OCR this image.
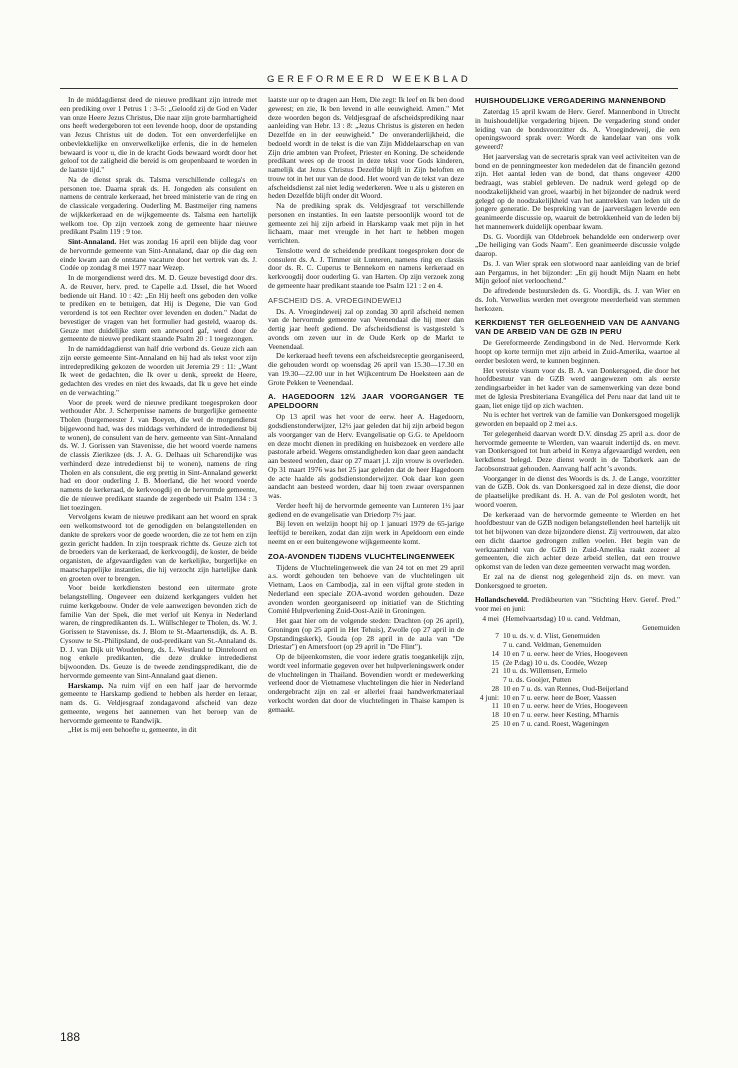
GEREFORMEERD WEEKBLAD

In de middagdienst deed de nieuwe predikant zijn intrede met een prediking over 1 Petrus 1 : 3–5: „Geloofd zij de God en Vader van onze Heere Jezus Christus, Die naar zijn grote barmhartigheid ons heeft wedergeboren tot een levende hoop, door de opstanding van Jezus Christus uit de doden. Tot een onverderfelijke en onbevlekkelijke en onverwelkelijke erfenis, die in de hemelen bewaard is voor u, die in de kracht Gods bewaard wordt door het geloof tot de zaligheid die bereid is om geopenbaard te worden in de laatste tijd."

Na de dienst sprak ds. Talsma verschillende collega's en personen toe. Daarna sprak ds. H. Jongeden als consulent en namens de centrale kerkeraad, het breed ministerie van de ring en de classicale vergadering. Ouderling M. Bastmeijer ring namens de wijkkerkeraad en de wijkgemeente ds. Talsma een hartelijk welkom toe. Op zijn verzoek zong de gemeente haar nieuwe predikant Psalm 119 : 9 toe.

Sint-Annaland. Het was zondag 16 april een blijde dag voor de hervormde gemeente van Sint-Annaland, daar op die dag een einde kwam aan de ontstane vacature door het vertrek van ds. J. Codée op zondag 8 mei 1977 naar Wezep.

In de morgendienst werd drs. M. D. Geuze bevestigd door drs. A. de Reuver, herv. pred. te Capelle a.d. IJssel, die het Woord bediende uit Hand. 10 : 42: „En Hij heeft ons geboden den volke te prediken en te betuigen, dat Hij is Degene, Die van God verordend is tot een Rechter over levenden en doden." Nadat de bevestiger de vragen van het formulier had gesteld, waarop ds. Geuze met duidelijke stem een antwoord gaf, werd door de gemeente de nieuwe predikant staande Psalm 20 : 1 toegezongen.

In de namiddagdienst van half drie verbond ds. Geuze zich aan zijn eerste gemeente Sint-Annaland en hij had als tekst voor zijn intredeprediking gekozen de woorden uit Jeremia 29 : 11: „Want Ik weet de gedachten, die Ik over u denk, spreekt de Heere, gedachten des vredes en niet des kwaads, dat Ik u geve het einde en de verwachting."

Voor de preek werd de nieuwe predikant toegesproken door wethouder Abr. J. Scherpenisse namens de burgerlijke gemeente Tholen (burgemeester J. van Boeyen, die wel de morgendienst bijgewoond had, was des middags verhinderd de intrededienst bij te wonen), de consulent van de herv. gemeente van Sint-Annaland ds. W. J. Gorissen van Stavenisse, die het woord voerde namens de classis Zierikzee (ds. J. A. G. Delhaas uit Scharendijke was verhinderd deze intrededienst bij te wonen), namens de ring Tholen en als consulent, die erg prettig in Sint-Annaland gewerkt had en door ouderling J. B. Moerland, die het woord voerde namens de kerkeraad, de kerkvoogdij en de hervormde gemeente, die de nieuwe predikant staande de zegenbede uit Psalm 134 : 3 liet toezingen.

Vervolgens kwam de nieuwe predikant aan het woord en sprak een welkomstwoord tot de genodigden en belangstellenden en dankte de sprekers voor de goede woorden, die ze tot hem en zijn gezin gericht hadden. In zijn toespraak richtte ds. Geuze zich tot de broeders van de kerkeraad, de kerkvoogdij, de koster, de beide organisten, de afgevaardigden van de kerkelijke, burgerlijke en maatschappelijke instanties, die hij verzocht zijn hartelijke dank en groeten over te brengen.

Voor beide kerkdiensten bestond een uitermate grote belangstelling. Ongeveer een duizend kerkgangers vulden het ruime kerkgebouw. Onder de vele aanwezigen bevonden zich de familie Van der Spek, die met verlof uit Kenya in Nederland waren, de ringpredikanten ds. L. Wüllschleger te Tholen, ds. W. J. Gorissen te Stavenisse, ds. J. Blom te St.-Maartensdijk, ds. A. B. Cysouw te St.-Philipsland, de oud-predikant van St.-Annaland ds. D. J. van Dijk uit Woudenberg, ds. L. Westland te Dintelоord en nog enkele predikanten, die deze drukke intrededienst bijwoonden. Ds. Geuze is de tweede zendingspredikant, die de hervormde gemeente van Sint-Annaland gaat dienen.

Harskamp. Na ruim vijf en een half jaar de hervormde gemeente te Harskamp gediend te hebben als herder en leraar, nam ds. G. Veldjesgraaf zondagavond afscheid van deze gemeente, wegens het aannemen van het beroep van de hervormde gemeente te Randwijk.

„Het is mij een behoefte u, gemeente, in dit

laatste uur op te dragen aan Hem, Die zegt: Ik leef en Ik ben dood geweest; en zie, Ik ben levend in alle eeuwigheid. Amen." Met deze woorden begon ds. Veldjesgraaf de afscheidsprediking naar aanleiding van Hebr. 13 : 8: „Jezus Christus is gisteren en heden Dezelfde en in der eeuwigheid." De onveranderlijkheid, die bedoeld wordt in de tekst is die van Zijn Middelaarschap en van Zijn drie ambten van Profeet, Priester en Koning. De scheidende predikant wees op de troost in deze tekst voor Gods kinderen, namelijk dat Jezus Christus Dezelfde blijft in Zijn beloften en trouw tot in het uur van de dood. Het woord van de tekst van deze afscheidsdienst zal niet ledig wederkeren. Wee u als u gisteren en heden Dezelfde blijft onder dit Woord.

Na de prediking sprak ds. Veldjesgraaf tot verschillende personen en instanties. In een laatste persoonlijk woord tot de gemeente zei hij zijn arbeid in Harskamp vaak met pijn in het lichaam, maar met vreugde in het hart te hebben mogen verrichten.

Tenslotte werd de scheidende predikant toegesproken door de consulent ds. A. J. Timmer uit Lunteren, namens ring en classis door ds. R. C. Cuperus te Bennekom en namens kerkeraad en kerkvoogdij door ouderling G. van Harten. Op zijn verzoek zong de gemeente haar predikant staande toe Psalm 121 : 2 en 4.

AFSCHEID DS. A. VROEGINDEWEIJ

Ds. A. Vroegindeweij zal op zondag 30 april afscheid nemen van de hervormde gemeente van Veenendaal die hij meer dan dertig jaar heeft gediend. De afscheidsdienst is vastgesteld 's avonds om zeven uur in de Oude Kerk op de Markt te Veenendaal.

De kerkeraad heeft tevens een afscheidsreceptie georganiseerd, die gehouden wordt op woensdag 26 april van 15.30—17.30 en van 19.30—22.00 uur in het Wijkcentrum De Hoeksteen aan de Grote Pekken te Veenendaal.

A. HAGEDOORN 12½ JAAR VOORGANGER TE APELDOORN

Op 13 april was het voor de eerw. heer A. Hagedoorn, godsdienstonderwijzer, 12½ jaar geleden dat hij zijn arbeid begon als voorganger van de Herv. Evangelisatie op G.G. te Apeldoorn en deze mocht dienen in prediking en huisbezoek en verdere alle pastorale arbeid. Wegens omstandigheden kon daar geen aandacht aan besteed worden, daar op 27 maart j.l. zijn vrouw is overleden. Op 31 maart 1976 was het 25 jaar geleden dat de heer Hagedoorn de acte haalde als godsdienstonderwijzer. Ook daar kon geen aandacht aan besteed worden, daar hij toen zwaar overspannen was.

Verder heeft hij de hervormde gemeente van Lunteren 1½ jaar gediend en de evangelisatie van Driedorp 7½ jaar.

Bij leven en welzijn hoopt hij op 1 januari 1979 de 65-jarige leeftijd te bereiken, zodat dan zijn werk in Apeldoorn een einde neemt en er een buitengewone wijkgemeente komt.

ZOA-AVONDEN TIJDENS VLUCHTELINGENWEEK

Tijdens de Vluchtelingenweek die van 24 tot en met 29 april a.s. wordt gehouden ten behoeve van de vluchtelingen uit Vietnam, Laos en Cambodja, zal in een vijftal grote steden in Nederland een speciale ZOA-avond worden gehouden. Deze avonden worden georganiseerd op initiatief van de Stichting Comité Hulpverlening Zuid-Oost-Azië in Groningen.

Het gaat hier om de volgende steden: Drachten (op 26 april), Groningen (op 25 april in Het Tehuis), Zwolle (op 27 april in de Opstandingskerk), Gouda (op 28 april in de aula van "De Driestar") en Amersfoort (op 29 april in "De Flint").

Op de bijeenkomsten, die voor iedere gratis toegankelijk zijn, wordt veel informatie gegeven over het hulpverleningswerk onder de vluchtelingen in Thailand. Bovendien wordt er medewerking verleend door de Vietnamese vluchtelingen die hier in Nederland ondergebracht zijn en zal er allerlei fraai handwerkmateriaal verkocht worden dat door de vluchtelingen in Thaise kampen is gemaakt.

HUISHOUDELIJKE VERGADERING MANNENBOND

Zaterdag 15 april kwam de Herv. Geref. Mannenbond in Utrecht in huishoudelijke vergadering bijeen. De vergadering stond onder leiding van de bondsvoorzitter ds. A. Vroegindeweij, die een openingswoord sprak over: Wordt de kandelaar van ons volk geweerd?

Het jaarverslag van de secretaris sprak van veel activiteiten van de bond en de penningmeester kon mededelen dat de financiën gezond zijn. Het aantal leden van de bond, dat thans ongeveer 4200 bedraagt, was stabiel gebleven. De nadruk werd gelegd op de noodzakelijkheid van groei, waarbij in het bijzonder de nadruk werd gelegd op de noodzakelijkheid van het aantrekken van leden uit de jongere generatie. De bespreking van de jaarverslagen leverde een geanimeerde discussie op, waaruit de betrokkenheid van de leden bij het mannenwerk duidelijk openbaar kwam.

Ds. G. Voordijk van Oldebroek behandelde een onderwerp over „De heiliging van Gods Naam". Een geanimeerde discussie volgde daarop.

Ds. J. van Wier sprak een slotwoord naar aanleiding van de brief aan Pergamus, in het bijzonder: „En gij houdt Mijn Naam en hebt Mijn geloof niet verloochend."

De aftredende bestuursleden ds. G. Voordijk, ds. J. van Wier en ds. Joh. Verwelius werden met overgrote meerderheid van stemmen herkozen.

KERKDIENST TER GELEGENHEID VAN DE AANVANG VAN DE ARBEID VAN DE GZB IN PERU

De Gereformeerde Zendingsbond in de Ned. Hervormde Kerk hoopt op korte termijn met zijn arbeid in Zuid-Amerika, waartoe al eerder besloten werd, te kunnen beginnen.

Het vereiste visum voor ds. B. A. van Donkersgoed, die door het hoofdbestuur van de GZB werd aangewezen om als eerste zendingsarbeider in het kader van de samenwerking van deze bond met de Iglesia Presbiteriana Evangélica del Peru naar dat land uit te gaan, liet enige tijd op zich wachten.

Nu is echter het vertrek van de familie van Donkersgoed mogelijk geworden en bepaald op 2 mei a.s.

Ter gelegenheid daarvan wordt D.V. dinsdag 25 april a.s. door de hervormde gemeente te Wierden, van waaruit indertijd ds. en mevr. van Donkersgoed tot hun arbeid in Kenya afgevaardigd werden, een kerkdienst belegd. Deze dienst wordt in de Taborkerk aan de Jacobsonstraat gehouden. Aanvang half acht 's avonds.

Voorganger in de dienst des Woords is ds. J. de Lange, voorzitter van de GZB. Ook ds. van Donkersgoed zal in deze dienst, die door de plaatselijke predikant ds. H. A. van de Pol gesloten wordt, het woord voeren.

De kerkeraad van de hervormde gemeente te Wierden en het hoofdbestuur van de GZB nodigen belangstellenden heel hartelijk uit tot het bijwonen van deze bijzondere dienst. Zij vertrouwen, dat alzo een dicht daartoe gedrongen zullen voelen. Het begin van de werkzaamheid van de GZB in Zuid-Amerika raakt zozeer al gemeenten, die zich achter deze arbeid stellen, dat een trouwe opkomst van de leden van deze gemeenten verwacht mag worden.

Er zal na de dienst nog gelegenheid zijn ds. en mevr. van Donkersgoed te groeten.

Hollandscheveld. Predikbeurten van "Stichting Herv. Geref. Pred." voor mei en juni:

4 mei (Hemelvaartsdag) 10 u. cand. Veldman,
Genemuiden
7 10 u. ds. v. d. Vlist, Genemuiden
7 u. cand. Veldman, Genemuiden
14 10 en 7 u. eerw. heer de Vries, Hoogeveen
15 (2e P.dag) 10 u. ds. Coodée, Wezep
21 10 u. ds. Willemsen, Ermelo
7 u. ds. Gooijer, Putten
28 10 en 7 u. ds. van Rennes, Oud-Beijerland
4 juni: 10 en 7 u. eerw. heer de Boer, Vaassen
11 10 en 7 u. eerw. heer de Vries, Hoogeveen
18 10 en 7 u. eerw. heer Kesting, M'harnis
25 10 en 7 u. cand. Roest, Wageningen
188
